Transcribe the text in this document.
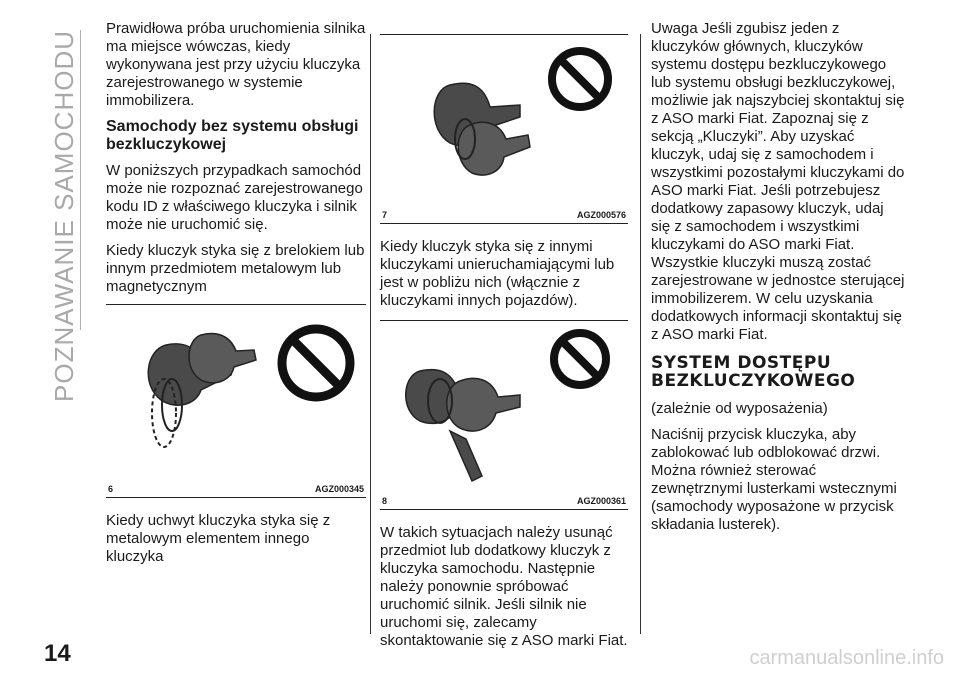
POZNAWANIE SAMOCHODU

Prawidłowa próba uruchomienia silnika ma miejsce wówczas, kiedy wykonywana jest przy użyciu kluczyka zarejestrowanego w systemie immobilizera.

Samochody bez systemu obsługi bezkluczykowej

W poniższych przypadkach samochód może nie rozpoznać zarejestrowanego kodu ID z właściwego kluczyka i silnik może nie uruchomić się.

Kiedy kluczyk styka się z brelokiem lub innym przedmiotem metalowym lub magnetycznym

6	AGZ000345

Kiedy uchwyt kluczyka styka się z metalowym elementem innego kluczyka

7	AGZ000576

Kiedy kluczyk styka się z innymi kluczykami unieruchamiającymi lub jest w pobliżu nich (włącznie z kluczykami innych pojazdów).

8	AGZ000361

W takich sytuacjach należy usunąć przedmiot lub dodatkowy kluczyk z kluczyka samochodu. Następnie należy ponownie spróbować uruchomić silnik. Jeśli silnik nie uruchomi się, zalecamy skontaktowanie się z ASO marki Fiat.

Uwaga Jeśli zgubisz jeden z kluczyków głównych, kluczyków systemu dostępu bezkluczykowego lub systemu obsługi bezkluczykowej, możliwie jak najszybciej skontaktuj się z ASO marki Fiat. Zapoznaj się z sekcją „Kluczyki”. Aby uzyskać kluczyk, udaj się z samochodem i wszystkimi pozostałymi kluczykami do ASO marki Fiat. Jeśli potrzebujesz dodatkowy zapasowy kluczyk, udaj się z samochodem i wszystkimi kluczykami do ASO marki Fiat. Wszystkie kluczyki muszą zostać zarejestrowane w jednostce sterującej immobilizerem. W celu uzyskania dodatkowych informacji skontaktuj się z ASO marki Fiat.

SYSTEM DOSTĘPU BEZKLUCZYKOWEGO

(zależnie od wyposażenia)

Naciśnij przycisk kluczyka, aby zablokować lub odblokować drzwi. Można również sterować zewnętrznymi lusterkami wstecznymi (samochody wyposażone w przycisk składania lusterek).

14	carmanualsonline.info
